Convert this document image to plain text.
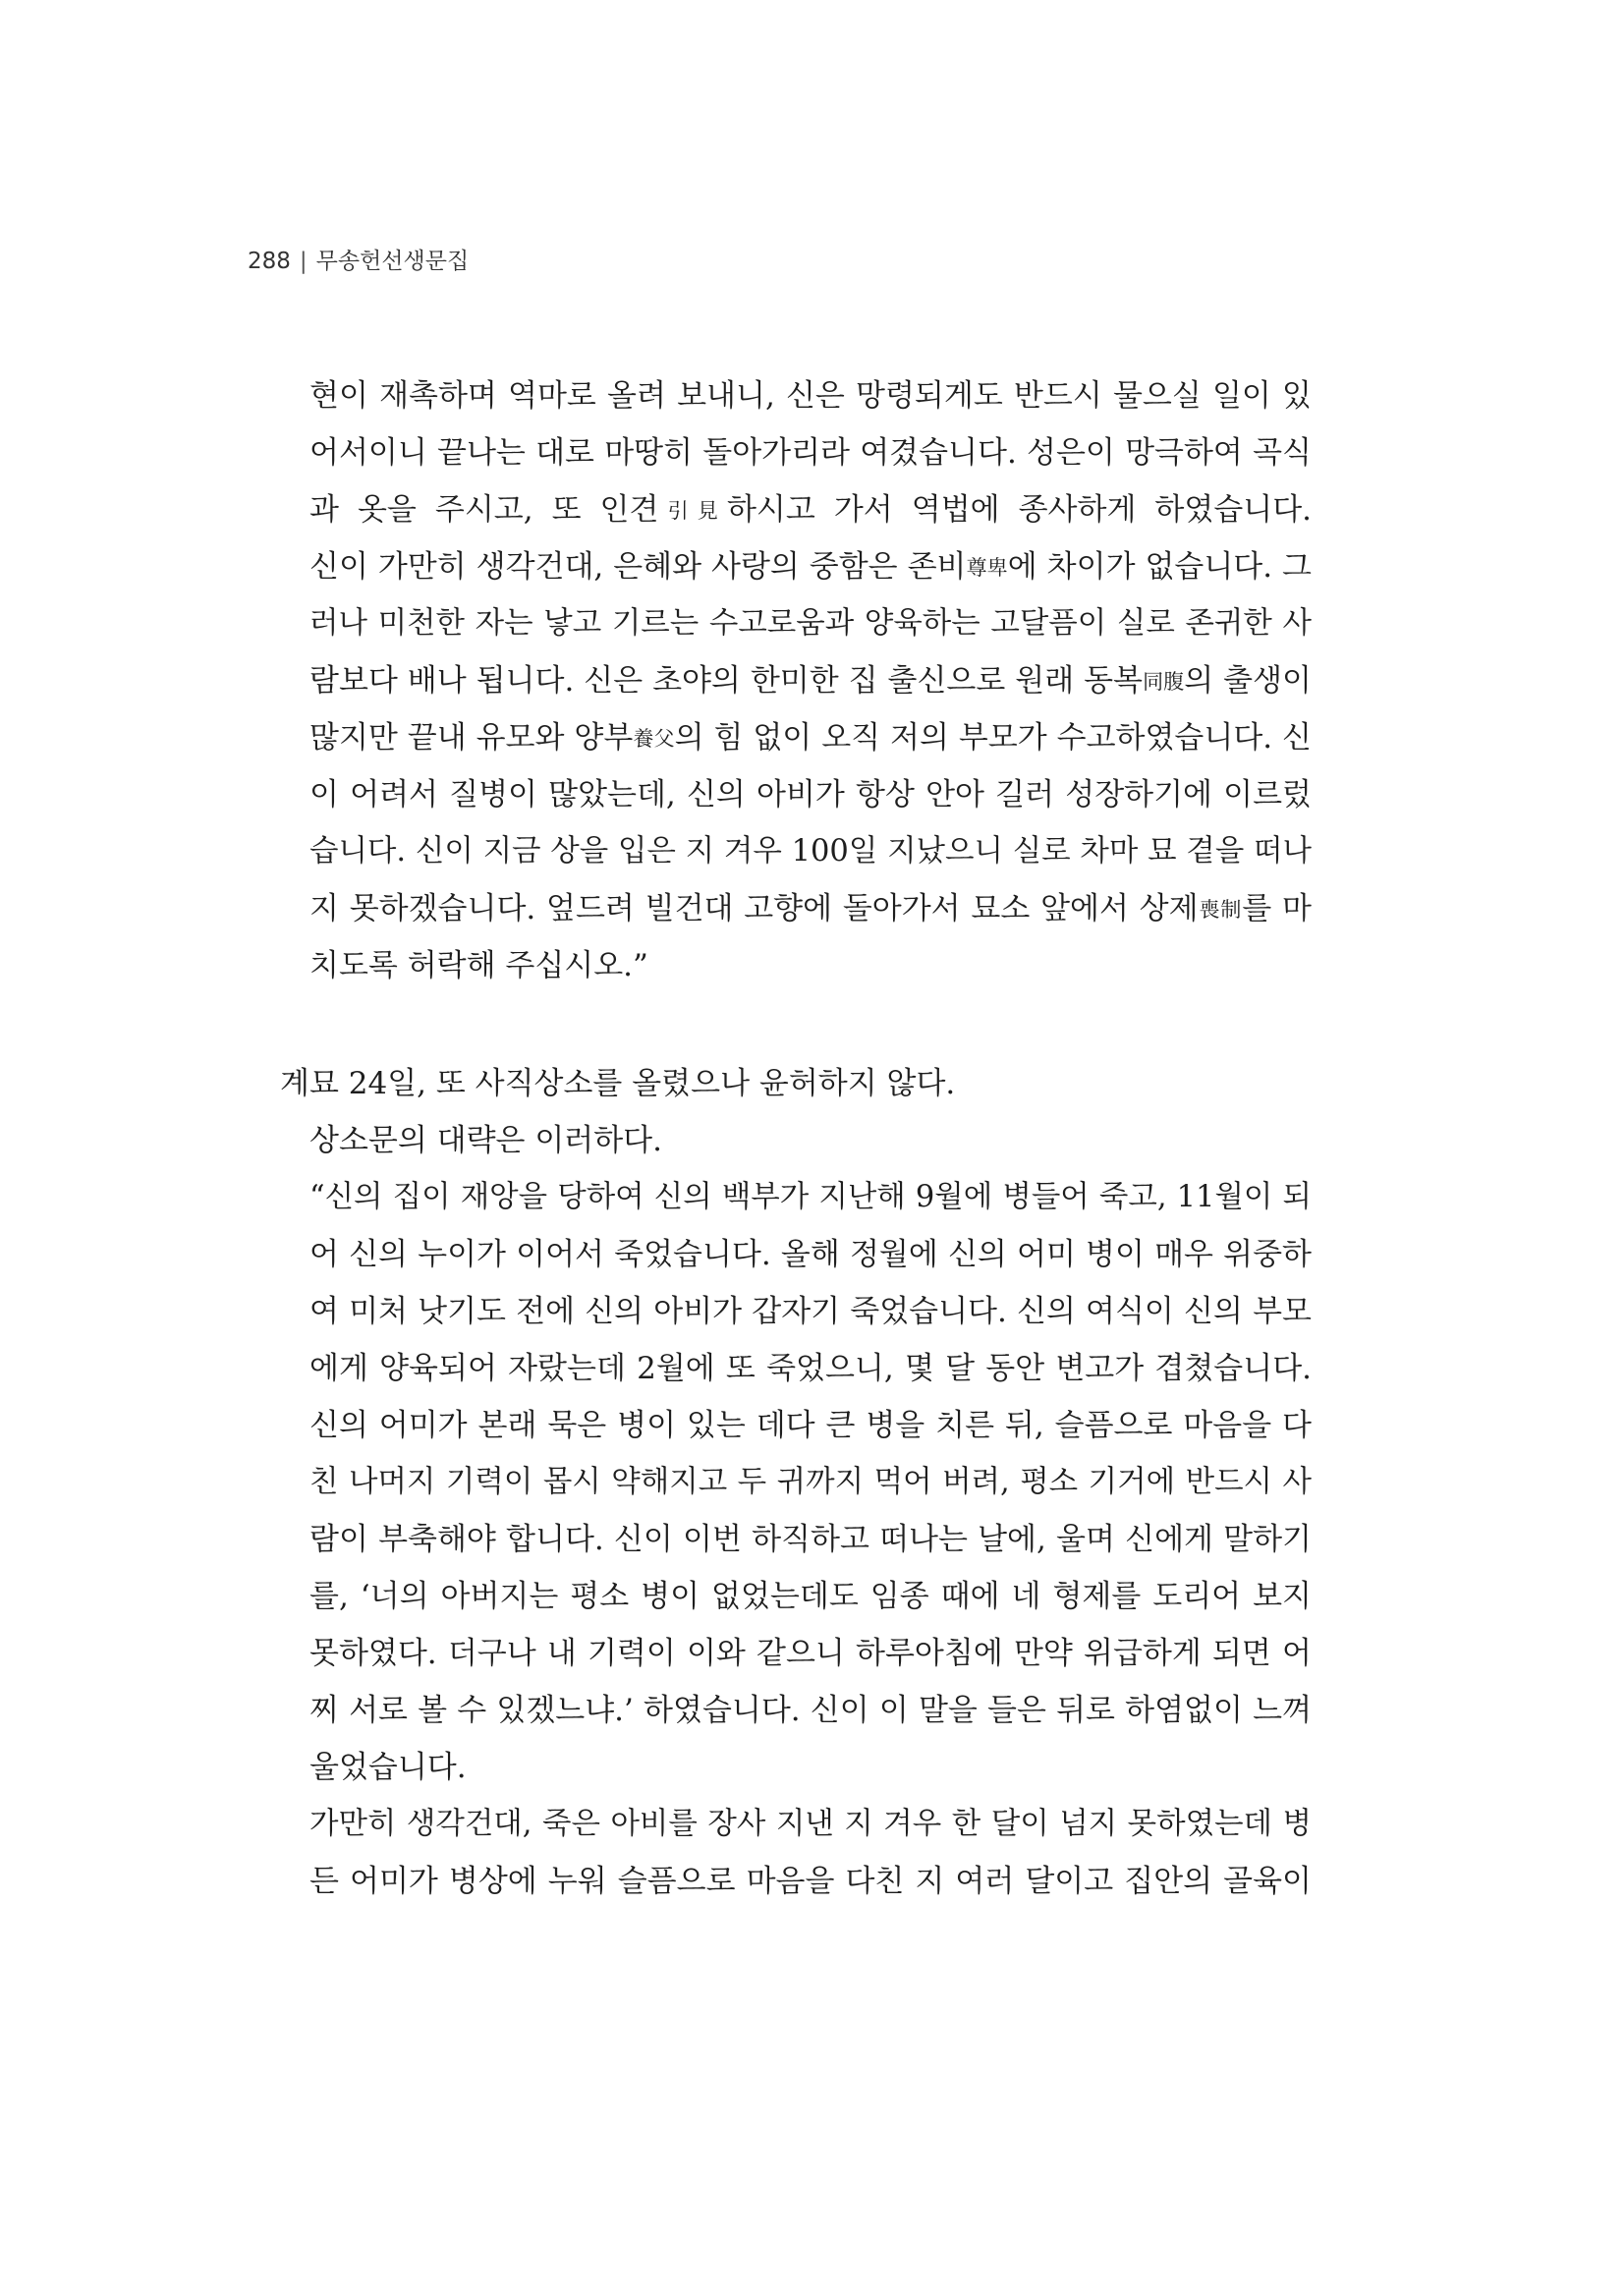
288 | 무송헌선생문집
현이 재촉하며 역마로 올려 보내니, 신은 망령되게도 반드시 물으실 일이 있
어서이니 끝나는 대로 마땅히 돌아가리라 여겼습니다. 성은이 망극하여 곡식
과 옷을 주시고, 또 인견引見하시고 가서 역법에 종사하게 하였습니다.
신이 가만히 생각건대, 은혜와 사랑의 중함은 존비尊卑에 차이가 없습니다. 그
러나 미천한 자는 낳고 기르는 수고로움과 양육하는 고달픔이 실로 존귀한 사
람보다 배나 됩니다. 신은 초야의 한미한 집 출신으로 원래 동복同腹의 출생이
많지만 끝내 유모와 양부養父의 힘 없이 오직 저의 부모가 수고하였습니다. 신
이 어려서 질병이 많았는데, 신의 아비가 항상 안아 길러 성장하기에 이르렀
습니다. 신이 지금 상을 입은 지 겨우 100일 지났으니 실로 차마 묘 곁을 떠나
지 못하겠습니다. 엎드려 빌건대 고향에 돌아가서 묘소 앞에서 상제喪制를 마
치도록 허락해 주십시오.”
계묘 24일, 또 사직상소를 올렸으나 윤허하지 않다.
상소문의 대략은 이러하다.
“신의 집이 재앙을 당하여 신의 백부가 지난해 9월에 병들어 죽고, 11월이 되
어 신의 누이가 이어서 죽었습니다. 올해 정월에 신의 어미 병이 매우 위중하
여 미처 낫기도 전에 신의 아비가 갑자기 죽었습니다. 신의 여식이 신의 부모
에게 양육되어 자랐는데 2월에 또 죽었으니, 몇 달 동안 변고가 겹쳤습니다.
신의 어미가 본래 묵은 병이 있는 데다 큰 병을 치른 뒤, 슬픔으로 마음을 다
친 나머지 기력이 몹시 약해지고 두 귀까지 먹어 버려, 평소 기거에 반드시 사
람이 부축해야 합니다. 신이 이번 하직하고 떠나는 날에, 울며 신에게 말하기
를, ‘너의 아버지는 평소 병이 없었는데도 임종 때에 네 형제를 도리어 보지
못하였다. 더구나 내 기력이 이와 같으니 하루아침에 만약 위급하게 되면 어
찌 서로 볼 수 있겠느냐.’ 하였습니다. 신이 이 말을 들은 뒤로 하염없이 느껴
울었습니다.
가만히 생각건대, 죽은 아비를 장사 지낸 지 겨우 한 달이 넘지 못하였는데 병
든 어미가 병상에 누워 슬픔으로 마음을 다친 지 여러 달이고 집안의 골육이
